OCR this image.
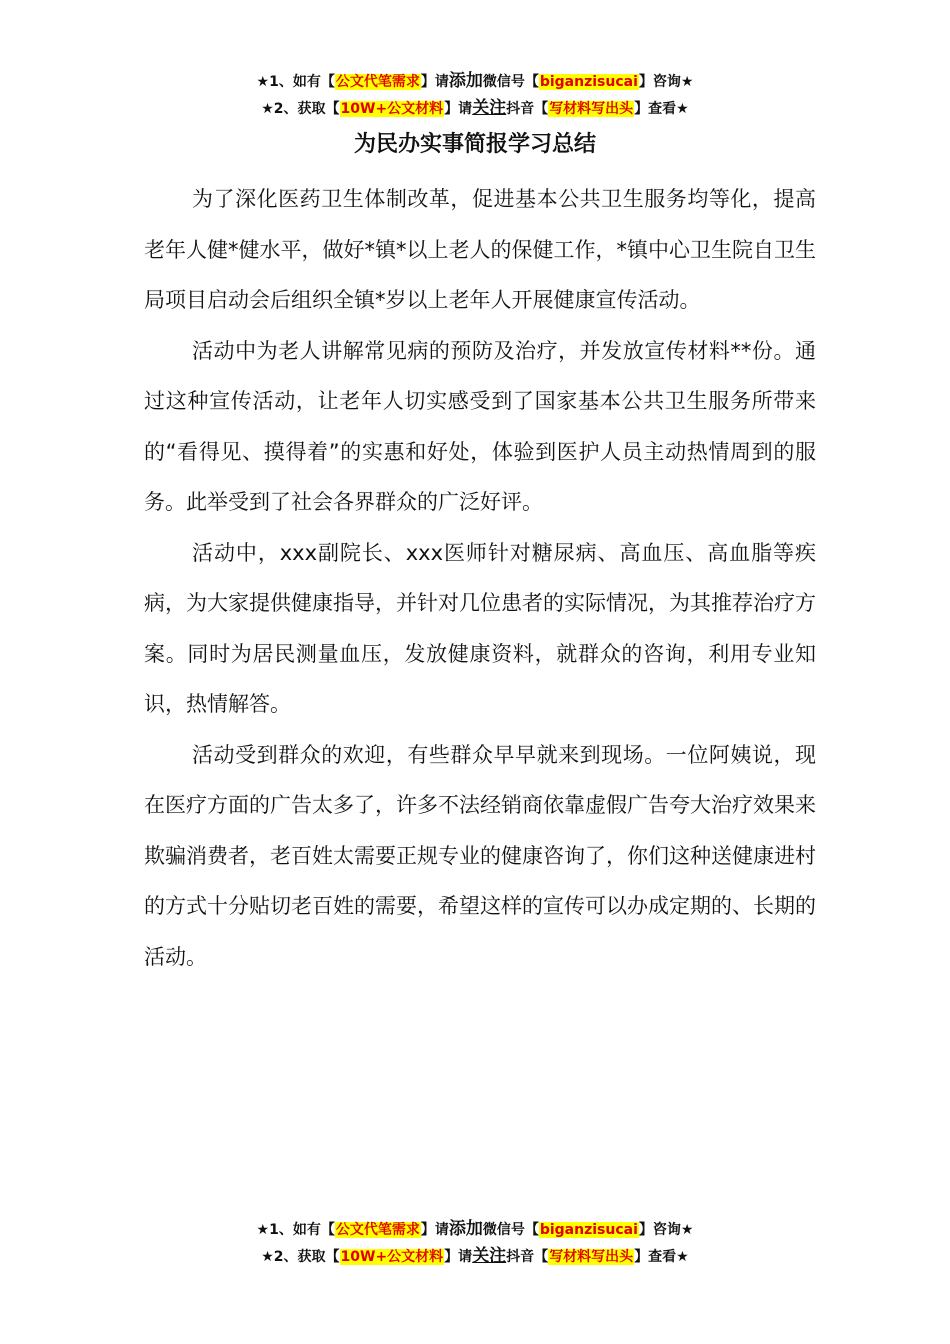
★1、如有【公文代笔需求】请添加微信号【biganzisucai】咨询★
★2、获取【10W+公文材料】请关注抖音【写材料写出头】查看★
为民办实事简报学习总结

为了深化医药卫生体制改革，促进基本公共卫生服务均等化，提高老年人健*健水平，做好*镇*以上老人的保健工作，*镇中心卫生院自卫生局项目启动会后组织全镇*岁以上老年人开展健康宣传活动。

活动中为老人讲解常见病的预防及治疗，并发放宣传材料**份。通过这种宣传活动，让老年人切实感受到了国家基本公共卫生服务所带来的“看得见、摸得着”的实惠和好处，体验到医护人员主动热情周到的服务。此举受到了社会各界群众的广泛好评。

活动中，xxx副院长、xxx医师针对糖尿病、高血压、高血脂等疾病，为大家提供健康指导，并针对几位患者的实际情况，为其推荐治疗方案。同时为居民测量血压，发放健康资料，就群众的咨询，利用专业知识，热情解答。

活动受到群众的欢迎，有些群众早早就来到现场。一位阿姨说，现在医疗方面的广告太多了，许多不法经销商依靠虚假广告夸大治疗效果来欺骗消费者，老百姓太需要正规专业的健康咨询了，你们这种送健康进村的方式十分贴切老百姓的需要，希望这样的宣传可以办成定期的、长期的活动。

★1、如有【公文代笔需求】请添加微信号【biganzisucai】咨询★
★2、获取【10W+公文材料】请关注抖音【写材料写出头】查看★
